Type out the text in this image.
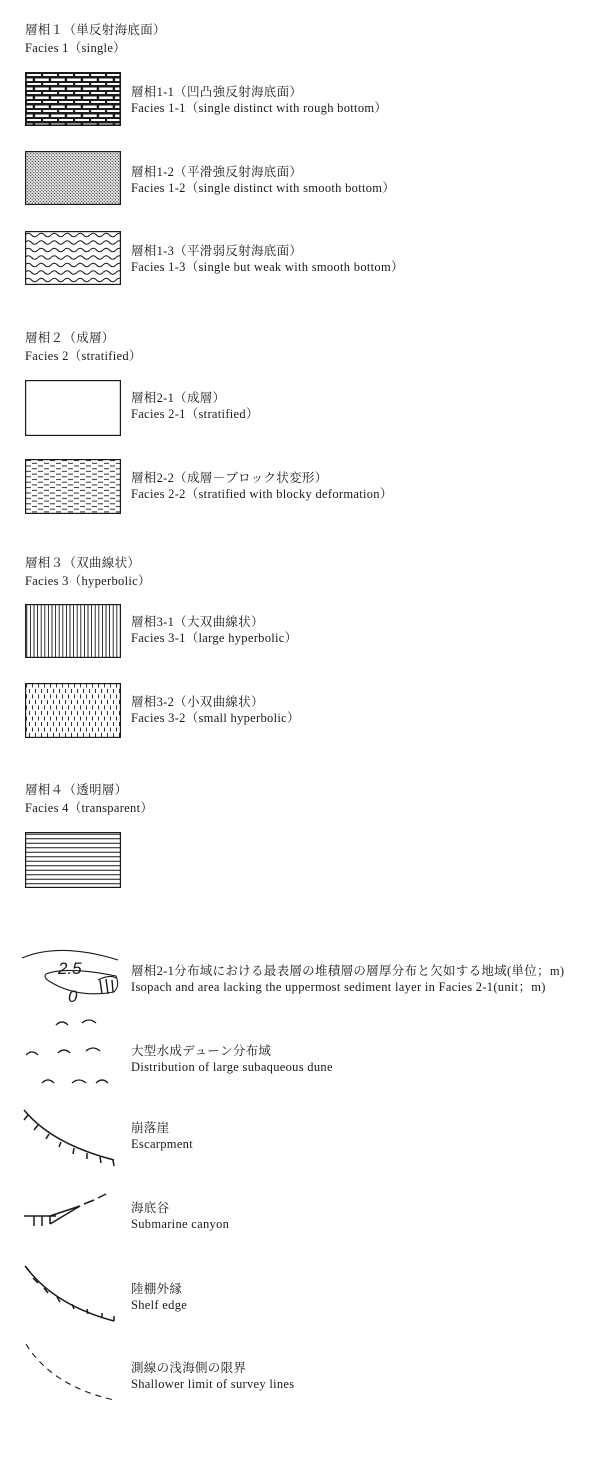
層相１（単反射海底面）
Facies 1（single）
層相1-1（凹凸強反射海底面）
Facies 1-1（single distinct with rough bottom）
層相1-2（平滑強反射海底面）
Facies 1-2（single distinct with smooth bottom）
層相1-3（平滑弱反射海底面）
Facies 1-3（single but weak with smooth bottom）
層相２（成層）
Facies 2（stratified）
層相2-1（成層）
Facies 2-1（stratified）
層相2-2（成層－ブロック状変形）
Facies 2-2（stratified with blocky deformation）
層相３（双曲線状）
Facies 3（hyperbolic）
層相3-1（大双曲線状）
Facies 3-1（large hyperbolic）
層相3-2（小双曲線状）
Facies 3-2（small hyperbolic）
層相４（透明層）
Facies 4（transparent）
2.5
0
層相2-1分布域における最表層の堆積層の層厚分布と欠如する地域(単位；m)
Isopach and area lacking the uppermost sediment layer in Facies 2-1(unit；m)
大型水成デューン分布域
Distribution of large subaqueous dune
崩落崖
Escarpment
海底谷
Submarine canyon
陸棚外縁
Shelf edge
測線の浅海側の限界
Shallower limit of survey lines
